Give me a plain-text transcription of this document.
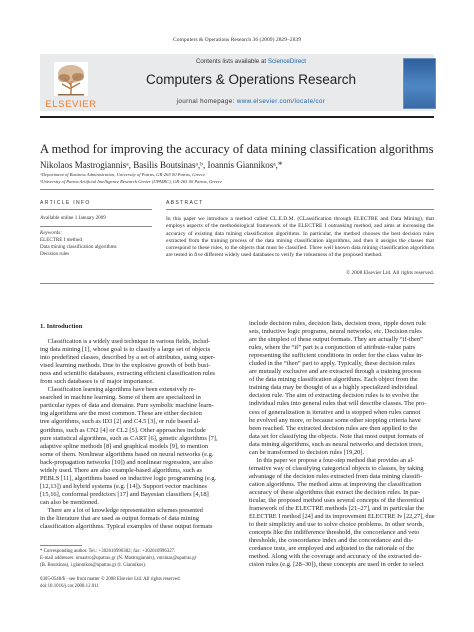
Computers & Operations Research 36 (2009) 2829–2839
ELSEVIER
Contents lists available at ScienceDirect
Computers & Operations Research
journal homepage: www.elsevier.com/locate/cor
A method for improving the accuracy of data mining classification algorithms
Nikolaos Mastrogiannisᵃ, Basilis Boutsinasᵃ,ᵇ, Ioannis Giannikosᵃ,*
ᵃDepartment of Business Administration, University of Patras, GR-265 00 Patras, Greece
ᵇUniversity of Patras Artificial Intelligence Research Center (UPAIRC), GR-265 00 Patras, Greece
ARTICLE INFO	ABSTRACT
Available online 1 January 2009
Keywords:
ELECTRE I method
Data mining classification algorithms
Decision rules
In this paper we introduce a method called CL.E.D.M. (CLassification through ELECTRE and Data Mining), that employs aspects of the methodological framework of the ELECTRE I outranking method, and aims at increasing the accuracy of existing data mining classification algorithms. In particular, the method chooses the best decision rules extracted from the training process of the data mining classification algorithms, and then it assigns the classes that correspond to these rules, to the objects that must be classified. Three well known data mining classification algorithms are tested in five different widely used databases to verify the robustness of the proposed method.
© 2008 Elsevier Ltd. All rights reserved.
1. Introduction
Classification is a widely used technique in various fields, includ-
ing data mining [1], whose goal is to classify a large set of objects
into predefined classes, described by a set of attributes, using super-
vised learning methods. Due to the explosive growth of both busi-
ness and scientific databases, extracting efficient classification rules
from such databases is of major importance.
Classification learning algorithms have been extensively re-
searched in machine learning. Some of them are specialized in
particular types of data and domains. Pure symbolic machine learn-
ing algorithms are the most common. These are either decision
tree algorithms, such as ID3 [2] and C4.5 [3], or rule based al-
gorithms, such as CN2 [4] or CL2 [5]. Other approaches include
pure statistical algorithms, such as CART [6], genetic algorithms [7],
adaptive spline methods [8] and graphical models [9], to mention
some of them. Nonlinear algorithms based on neural networks (e.g.
back-propagation networks [10]) and nonlinear regression, are also
widely used. There are also example-based algorithms, such as
PEBLS [11], algorithms based on inductive logic programming (e.g.
[12,13]) and hybrid systems (e.g. [14]). Support vector machines
[15,16], conformal predictors [17] and Bayesian classifiers [4,18]
can also be mentioned.
There are a lot of knowledge representation schemes presented
in the literature that are used as output formats of data mining
classification algorithms. Typical examples of these output formats
include decision rules, decision lists, decision trees, ripple down rule
sets, inductive logic programs, neural networks, etc. Decision rules
are the simplest of these output formats. They are actually “if-then”
rules, where the “if” part is a conjunction of attribute-value pairs
representing the sufficient conditions in order for the class value in-
cluded in the “then” part to apply. Typically, these decision rules
are mutually exclusive and are extracted through a training process
of the data mining classification algorithms. Each object from the
training data may be thought of as a highly specialized individual
decision rule. The aim of extracting decision rules is to evolve the
individual rules into general rules that will describe classes. The pro-
cess of generalization is iterative and is stopped when rules cannot
be evolved any more, or because some other stopping criteria have
been reached. The extracted decision rules are then applied to the
data set for classifying the objects. Note that most output formats of
data mining algorithms, such as neural networks and decision trees,
can be transformed to decision rules [19,20].
In this paper we propose a four-step method that provides an al-
ternative way of classifying categorical objects to classes, by taking
advantage of the decision rules extracted from data mining classifi-
cation algorithms. The method aims at improving the classification
accuracy of these algorithms that extract the decision rules. In par-
ticular, the proposed method uses several concepts of the theoretical
framework of the ELECTRE methods [21–27], and in particular the
ELECTRE I method [24] and its improvement ELECTRE Iv [22,27], due
to their simplicity and use to solve choice problems. In other words,
concepts like the indifference threshold, the concordance and veto
thresholds, the concordance index and the concordance and dis-
cordance tests, are employed and adjusted to the rationale of the
method. Along with the coverage and accuracy of the extracted de-
cision rules (e.g. [28–30]), these concepts are used in order to select
* Corresponding author. Tel.: +302610996382; fax: +302610996327.
E-mail addresses: nmastro@upatras.gr (N. Mastrogiannis), vutsinas@upatras.gr
(B. Boutsinas), i.giannikos@upatras.gr (I. Giannikos).
0305-0548/$ - see front matter © 2008 Elsevier Ltd. All rights reserved.
doi:10.1016/j.cor.2008.12.011
